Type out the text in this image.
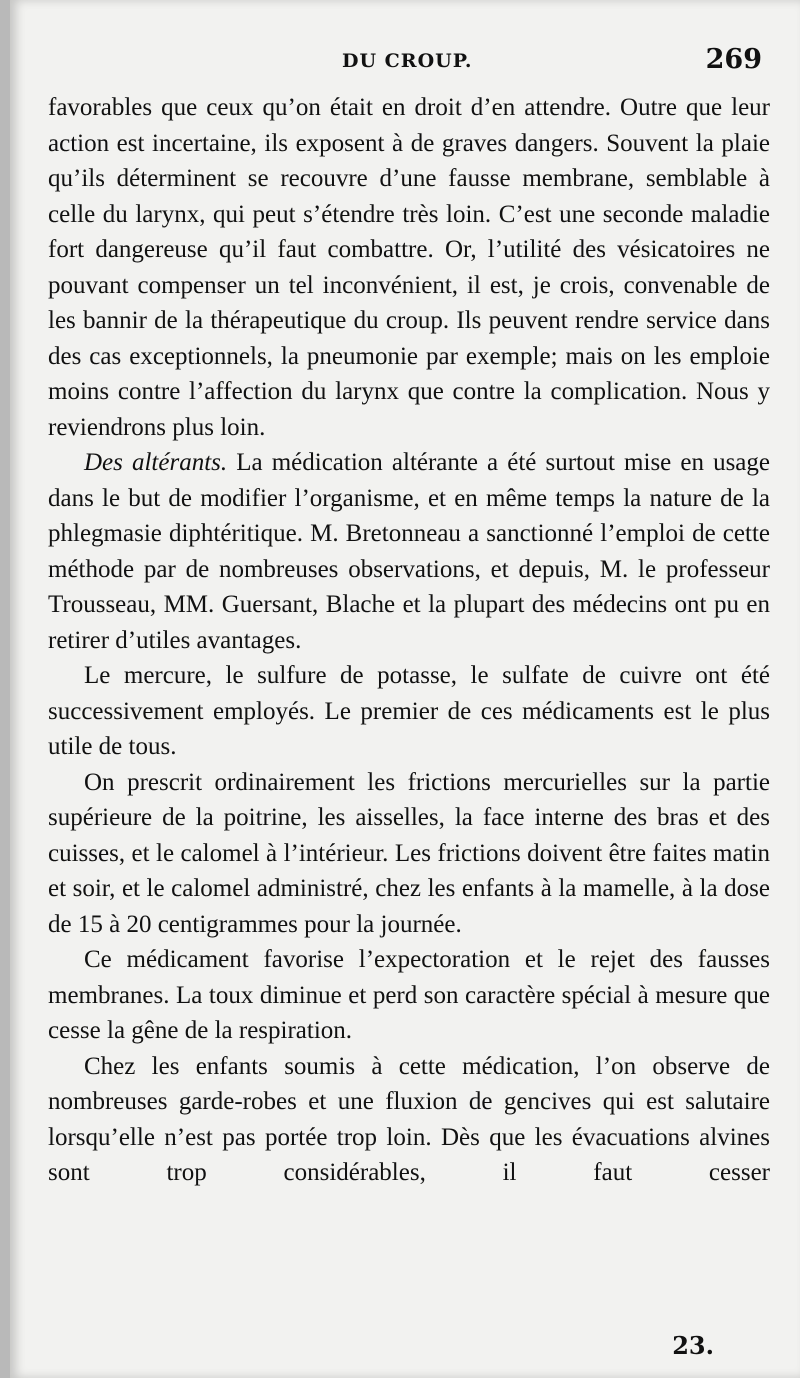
DU CROUP.	269

favorables que ceux qu’on était en droit d’en attendre. Outre que leur action est incertaine, ils exposent à de graves dangers. Souvent la plaie qu’ils déterminent se recouvre d’une fausse membrane, semblable à celle du larynx, qui peut s’étendre très loin. C’est une seconde maladie fort dangereuse qu’il faut combattre. Or, l’utilité des vésicatoires ne pouvant compenser un tel inconvénient, il est, je crois, convenable de les bannir de la thérapeutique du croup. Ils peuvent rendre service dans des cas exceptionnels, la pneumonie par exemple; mais on les emploie moins contre l’affection du larynx que contre la complication. Nous y reviendrons plus loin.

Des altérants. La médication altérante a été surtout mise en usage dans le but de modifier l’organisme, et en même temps la nature de la phlegmasie diphtéritique. M. Bretonneau a sanctionné l’emploi de cette méthode par de nombreuses observations, et depuis, M. le professeur Trousseau, MM. Guersant, Blache et la plupart des médecins ont pu en retirer d’utiles avantages.

Le mercure, le sulfure de potasse, le sulfate de cuivre ont été successivement employés. Le premier de ces médicaments est le plus utile de tous.

On prescrit ordinairement les frictions mercurielles sur la partie supérieure de la poitrine, les aisselles, la face interne des bras et des cuisses, et le calomel à l’intérieur. Les frictions doivent être faites matin et soir, et le calomel administré, chez les enfants à la mamelle, à la dose de 15 à 20 centigrammes pour la journée.

Ce médicament favorise l’expectoration et le rejet des fausses membranes. La toux diminue et perd son caractère spécial à mesure que cesse la gêne de la respiration.

Chez les enfants soumis à cette médication, l’on observe de nombreuses garde-robes et une fluxion de gencives qui est salutaire lorsqu’elle n’est pas portée trop loin. Dès que les évacuations alvines sont trop considérables, il faut cesser

23.
